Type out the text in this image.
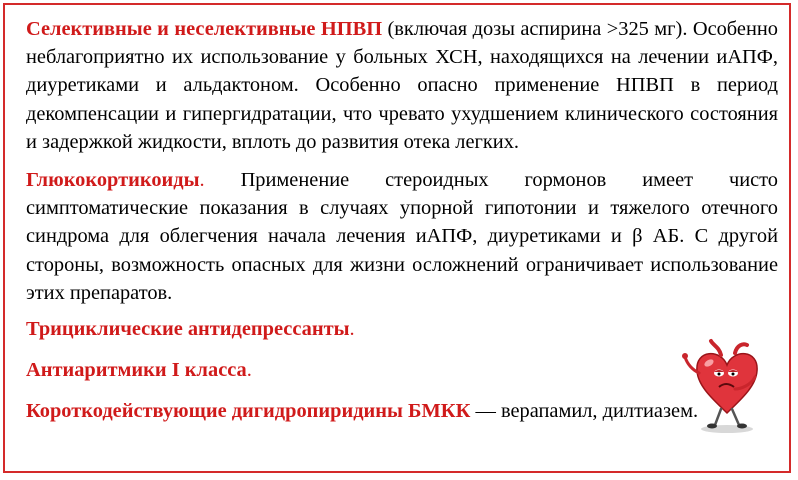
Селективные и неселективные НПВП (включая дозы аспирина >325 мг). Особенно неблагоприятно их использование у больных ХСН, находящихся на лечении иАПФ, диуретиками и альдактоном. Особенно опасно применение НПВП в период декомпенсации и гипергидратации, что чревато ухудшением клинического состояния и задержкой жидкости, вплоть до развития отека легких.

Глюкокортикоиды. Применение стероидных гормонов имеет чисто симптоматические показания в случаях упорной гипотонии и тяжелого отечного синдрома для облегчения начала лечения иАПФ, диуретиками и β АБ. С другой стороны, возможность опасных для жизни осложнений ограничивает использование этих препаратов.

Трициклические антидепрессанты.

Антиаритмики I класса.

Короткодействующие дигидропиридины БМКК — верапамил, дилтиазем.
